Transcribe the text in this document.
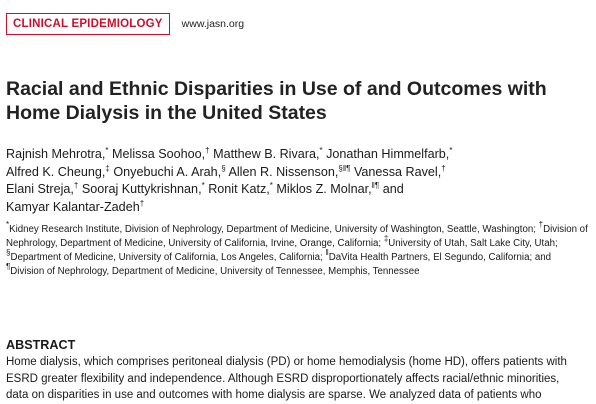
CLINICAL EPIDEMIOLOGY	www.jasn.org
Racial and Ethnic Disparities in Use of and Outcomes with Home Dialysis in the United States
Rajnish Mehrotra,* Melissa Soohoo,† Matthew B. Rivara,* Jonathan Himmelfarb,*
Alfred K. Cheung,‡ Onyebuchi A. Arah,§ Allen R. Nissenson,§‖¶ Vanessa Ravel,†
Elani Streja,† Sooraj Kuttykrishnan,* Ronit Katz,* Miklos Z. Molnar,‖¶ and
Kamyar Kalantar-Zadeh†
*Kidney Research Institute, Division of Nephrology, Department of Medicine, University of Washington, Seattle, Washington; †Division of Nephrology, Department of Medicine, University of California, Irvine, Orange, California; ‡University of Utah, Salt Lake City, Utah; §Department of Medicine, University of California, Los Angeles, California; ‖DaVita Health Partners, El Segundo, California; and ¶Division of Nephrology, Department of Medicine, University of Tennessee, Memphis, Tennessee
ABSTRACT

Home dialysis, which comprises peritoneal dialysis (PD) or home hemodialysis (home HD), offers patients with
ESRD greater flexibility and independence. Although ESRD disproportionately affects racial/ethnic minorities,
data on disparities in use and outcomes with home dialysis are sparse. We analyzed data of patients who
